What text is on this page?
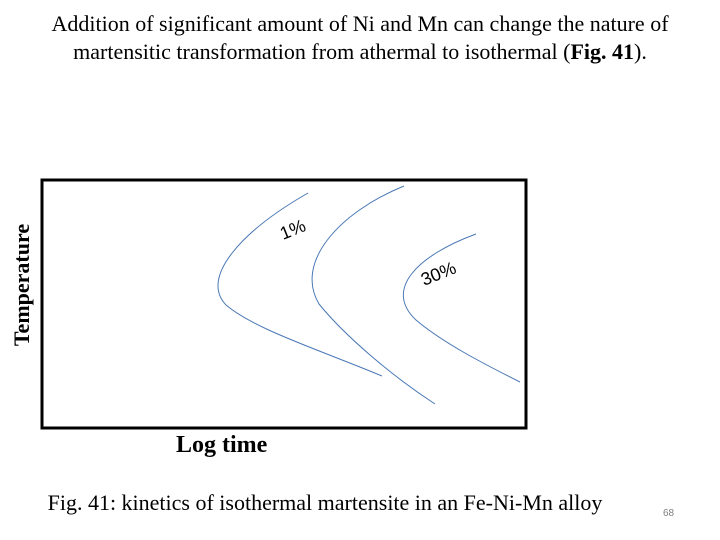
Addition of significant amount of Ni and Mn can change the nature of
martensitic transformation from athermal to isothermal (Fig. 41).
1%
30%
Temperature
Log time
Fig. 41: kinetics of isothermal martensite in an Fe-Ni-Mn alloy	68
